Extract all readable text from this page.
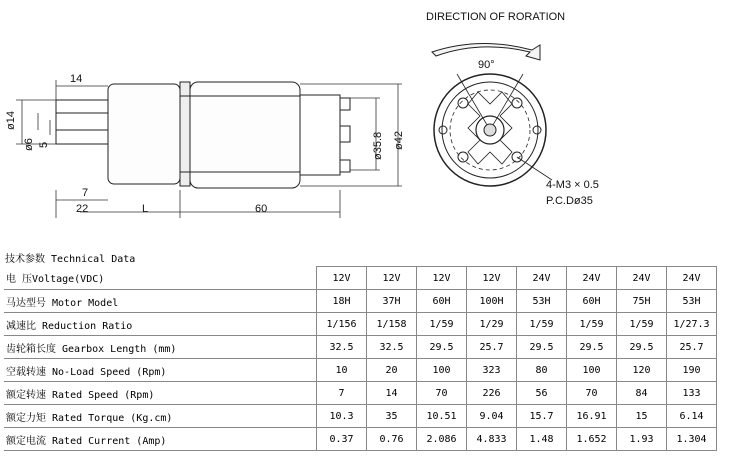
14
ø14
ø6 5
7
22	L	60
ø35.8 ø42
DIRECTION OF RORATION
90°
4-M3 × 0.5
P.C.Dø35
技术参数 Technical Data
电 压Voltage(VDC)	12V	12V	12V	12V	24V	24V	24V	24V
马达型号 Motor Model	18H	37H	60H	100H	53H	60H	75H	53H
减速比 Reduction Ratio	1/156	1/158	1/59	1/29	1/59	1/59	1/59	1/27.3
齿轮箱长度 Gearbox Length (mm)	32.5	32.5	29.5	25.7	29.5	29.5	29.5	25.7
空载转速 No-Load Speed (Rpm)	10	20	100	323	80	100	120	190
额定转速 Rated Speed (Rpm)	7	14	70	226	56	70	84	133
额定力矩 Rated Torque (Kg.cm)	10.3	35	10.51	9.04	15.7	16.91	15	6.14
额定电流 Rated Current (Amp)	0.37	0.76	2.086	4.833	1.48	1.652	1.93	1.304
